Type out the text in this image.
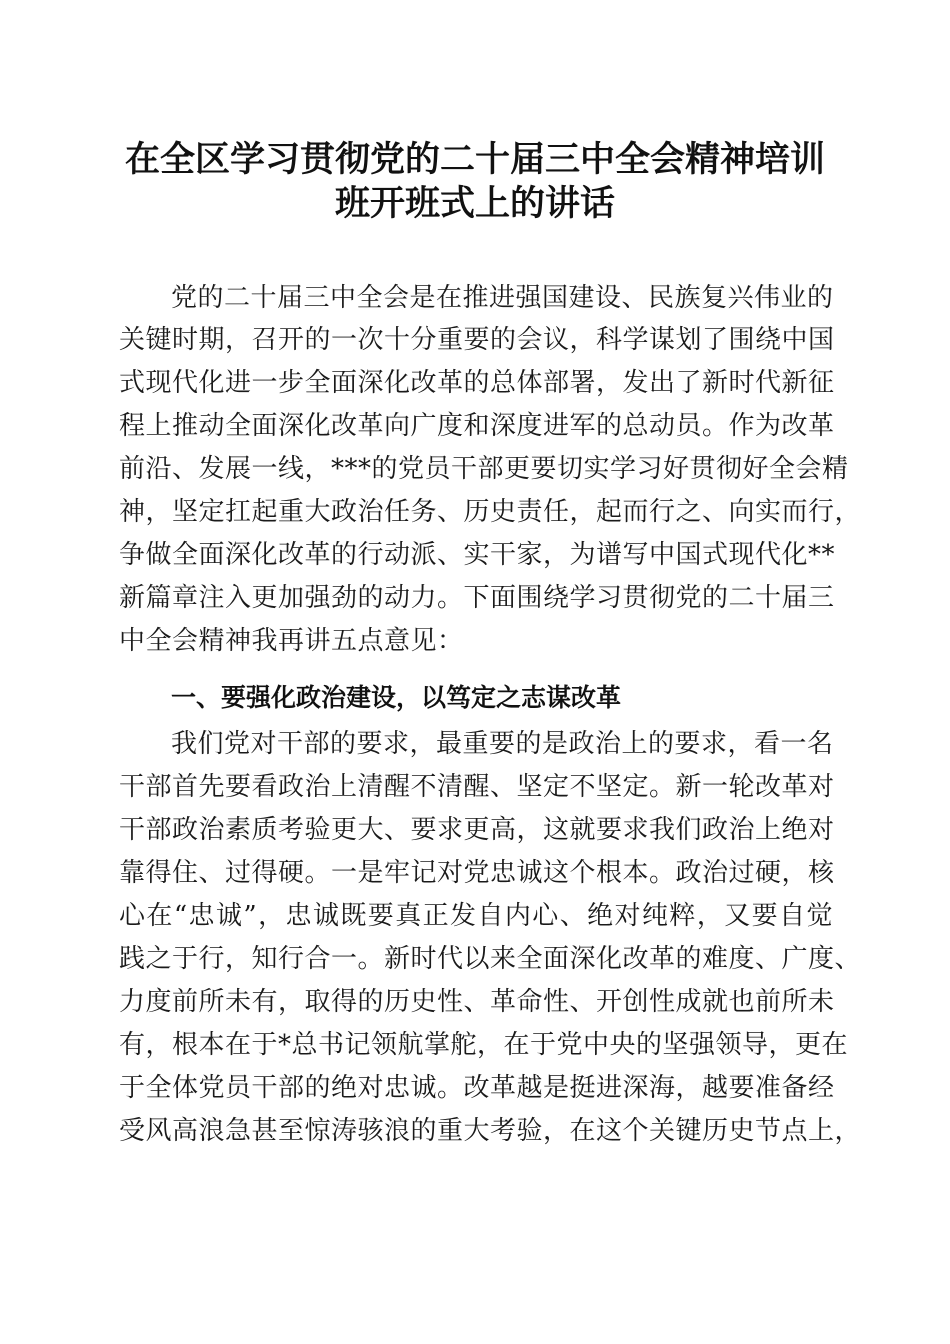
在全区学习贯彻党的二十届三中全会精神培训
班开班式上的讲话
党的二十届三中全会是在推进强国建设、民族复兴伟业的
关键时期，召开的一次十分重要的会议，科学谋划了围绕中国
式现代化进一步全面深化改革的总体部署，发出了新时代新征
程上推动全面深化改革向广度和深度进军的总动员。作为改革
前沿、发展一线，***的党员干部更要切实学习好贯彻好全会精
神，坚定扛起重大政治任务、历史责任，起而行之、向实而行，
争做全面深化改革的行动派、实干家，为谱写中国式现代化**
新篇章注入更加强劲的动力。下面围绕学习贯彻党的二十届三
中全会精神我再讲五点意见：
一、要强化政治建设，以笃定之志谋改革
我们党对干部的要求，最重要的是政治上的要求，看一名
干部首先要看政治上清醒不清醒、坚定不坚定。新一轮改革对
干部政治素质考验更大、要求更高，这就要求我们政治上绝对
靠得住、过得硬。一是牢记对党忠诚这个根本。政治过硬，核
心在“忠诚”，忠诚既要真正发自内心、绝对纯粹，又要自觉
践之于行，知行合一。新时代以来全面深化改革的难度、广度、
力度前所未有，取得的历史性、革命性、开创性成就也前所未
有，根本在于*总书记领航掌舵，在于党中央的坚强领导，更在
于全体党员干部的绝对忠诚。改革越是挺进深海，越要准备经
受风高浪急甚至惊涛骇浪的重大考验，在这个关键历史节点上，
